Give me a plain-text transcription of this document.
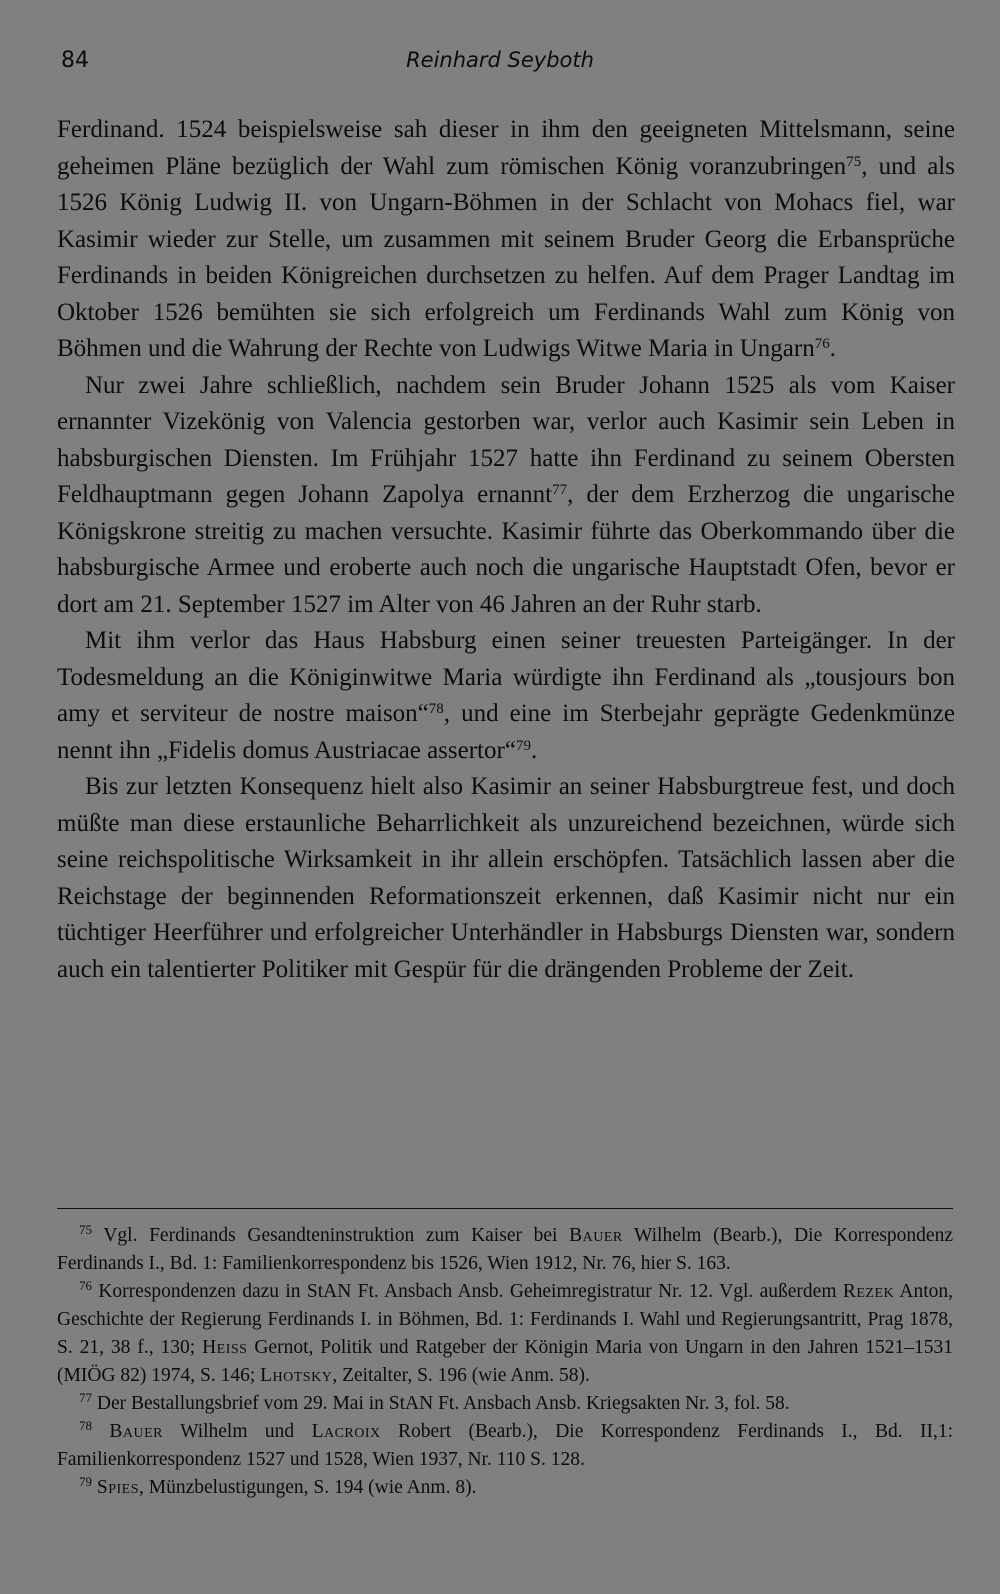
84	Reinhard Seyboth

Ferdinand. 1524 beispielsweise sah dieser in ihm den geeigneten Mittelsmann, seine geheimen Pläne bezüglich der Wahl zum römischen König voranzubringen$^{75}$, und als 1526 König Ludwig II. von Ungarn-Böhmen in der Schlacht von Mohacs fiel, war Kasimir wieder zur Stelle, um zusammen mit seinem Bruder Georg die Erbansprüche Ferdinands in beiden Königreichen durchsetzen zu helfen. Auf dem Prager Landtag im Oktober 1526 bemühten sie sich erfolgreich um Ferdinands Wahl zum König von Böhmen und die Wahrung der Rechte von Ludwigs Witwe Maria in Ungarn$^{76}$.

Nur zwei Jahre schließlich, nachdem sein Bruder Johann 1525 als vom Kaiser ernannter Vizekönig von Valencia gestorben war, verlor auch Kasimir sein Leben in habsburgischen Diensten. Im Frühjahr 1527 hatte ihn Ferdinand zu seinem Obersten Feldhauptmann gegen Johann Zapolya ernannt$^{77}$, der dem Erzherzog die ungarische Königskrone streitig zu machen versuchte. Kasimir führte das Oberkommando über die habsburgische Armee und eroberte auch noch die ungarische Hauptstadt Ofen, bevor er dort am 21. September 1527 im Alter von 46 Jahren an der Ruhr starb.

Mit ihm verlor das Haus Habsburg einen seiner treuesten Parteigänger. In der Todesmeldung an die Königinwitwe Maria würdigte ihn Ferdinand als „tousjours bon amy et serviteur de nostre maison“$^{78}$, und eine im Sterbejahr geprägte Gedenkmünze nennt ihn „Fidelis domus Austriacae assertor“$^{79}$.

Bis zur letzten Konsequenz hielt also Kasimir an seiner Habsburgtreue fest, und doch müßte man diese erstaunliche Beharrlichkeit als unzureichend bezeichnen, würde sich seine reichspolitische Wirksamkeit in ihr allein erschöpfen. Tatsächlich lassen aber die Reichstage der beginnenden Reformationszeit erkennen, daß Kasimir nicht nur ein tüchtiger Heerführer und erfolgreicher Unterhändler in Habsburgs Diensten war, sondern auch ein talentierter Politiker mit Gespür für die drängenden Probleme der Zeit.

$^{75}$ Vgl. Ferdinands Gesandteninstruktion zum Kaiser bei Bauer Wilhelm (Bearb.), Die Korrespondenz Ferdinands I., Bd. 1: Familienkorrespondenz bis 1526, Wien 1912, Nr. 76, hier S. 163.

$^{76}$ Korrespondenzen dazu in StAN Ft. Ansbach Ansb. Geheimregistratur Nr. 12. Vgl. außerdem Rezek Anton, Geschichte der Regierung Ferdinands I. in Böhmen, Bd. 1: Ferdinands I. Wahl und Regierungsantritt, Prag 1878, S. 21, 38 f., 130; Heiss Gernot, Politik und Ratgeber der Königin Maria von Ungarn in den Jahren 1521–1531 (MIÖG 82) 1974, S. 146; Lhotsky, Zeitalter, S. 196 (wie Anm. 58).

$^{77}$ Der Bestallungsbrief vom 29. Mai in StAN Ft. Ansbach Ansb. Kriegsakten Nr. 3, fol. 58.

$^{78}$ Bauer Wilhelm und Lacroix Robert (Bearb.), Die Korrespondenz Ferdinands I., Bd. II,1: Familienkorrespondenz 1527 und 1528, Wien 1937, Nr. 110 S. 128.

$^{79}$ Spies, Münzbelustigungen, S. 194 (wie Anm. 8).
